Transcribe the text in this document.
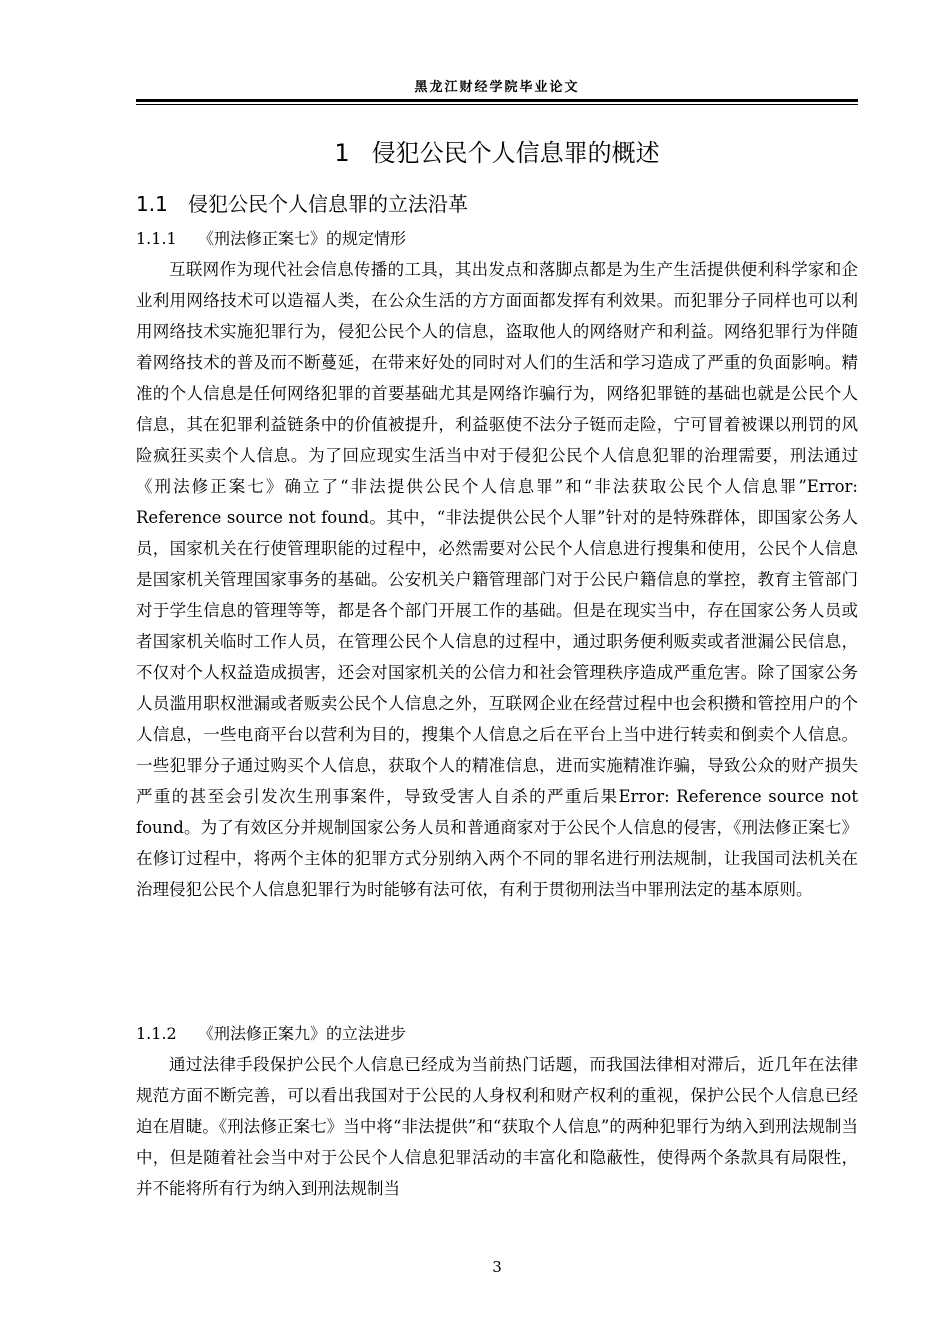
黑龙江财经学院毕业论文
1 侵犯公民个人信息罪的概述
1.1 侵犯公民个人信息罪的立法沿革
1.1.1 《刑法修正案七》的规定情形

互联网作为现代社会信息传播的工具，其出发点和落脚点都是为生产生活提供便利科学家和企业利用网络技术可以造福人类，在公众生活的方方面面都发挥有利效果。而犯罪分子同样也可以利用网络技术实施犯罪行为，侵犯公民个人的信息，盗取他人的网络财产和利益。网络犯罪行为伴随着网络技术的普及而不断蔓延，在带来好处的同时对人们的生活和学习造成了严重的负面影响。精准的个人信息是任何网络犯罪的首要基础尤其是网络诈骗行为，网络犯罪链的基础也就是公民个人信息，其在犯罪利益链条中的价值被提升，利益驱使不法分子铤而走险，宁可冒着被课以刑罚的风险疯狂买卖个人信息。为了回应现实生活当中对于侵犯公民个人信息犯罪的治理需要，刑法通过《刑法修正案七》确立了“非法提供公民个人信息罪”和“非法获取公民个人信息罪”Error: Reference source not found。其中，“非法提供公民个人罪”针对的是特殊群体，即国家公务人员，国家机关在行使管理职能的过程中，必然需要对公民个人信息进行搜集和使用，公民个人信息是国家机关管理国家事务的基础。公安机关户籍管理部门对于公民户籍信息的掌控，教育主管部门对于学生信息的管理等等，都是各个部门开展工作的基础。但是在现实当中，存在国家公务人员或者国家机关临时工作人员，在管理公民个人信息的过程中，通过职务便利贩卖或者泄漏公民信息，不仅对个人权益造成损害，还会对国家机关的公信力和社会管理秩序造成严重危害。除了国家公务人员滥用职权泄漏或者贩卖公民个人信息之外，互联网企业在经营过程中也会积攒和管控用户的个人信息，一些电商平台以营利为目的，搜集个人信息之后在平台上当中进行转卖和倒卖个人信息。一些犯罪分子通过购买个人信息，获取个人的精准信息，进而实施精准诈骗，导致公众的财产损失严重的甚至会引发次生刑事案件，导致受害人自杀的严重后果Error: Reference source not found。为了有效区分并规制国家公务人员和普通商家对于公民个人信息的侵害，《刑法修正案七》在修订过程中，将两个主体的犯罪方式分别纳入两个不同的罪名进行刑法规制，让我国司法机关在治理侵犯公民个人信息犯罪行为时能够有法可依，有利于贯彻刑法当中罪刑法定的基本原则。

1.1.2 《刑法修正案九》的立法进步

通过法律手段保护公民个人信息已经成为当前热门话题，而我国法律相对滞后，近几年在法律规范方面不断完善，可以看出我国对于公民的人身权利和财产权利的重视，保护公民个人信息已经迫在眉睫。《刑法修正案七》当中将“非法提供”和“获取个人信息”的两种犯罪行为纳入到刑法规制当中，但是随着社会当中对于公民个人信息犯罪活动的丰富化和隐蔽性，使得两个条款具有局限性，并不能将所有行为纳入到刑法规制当

3
